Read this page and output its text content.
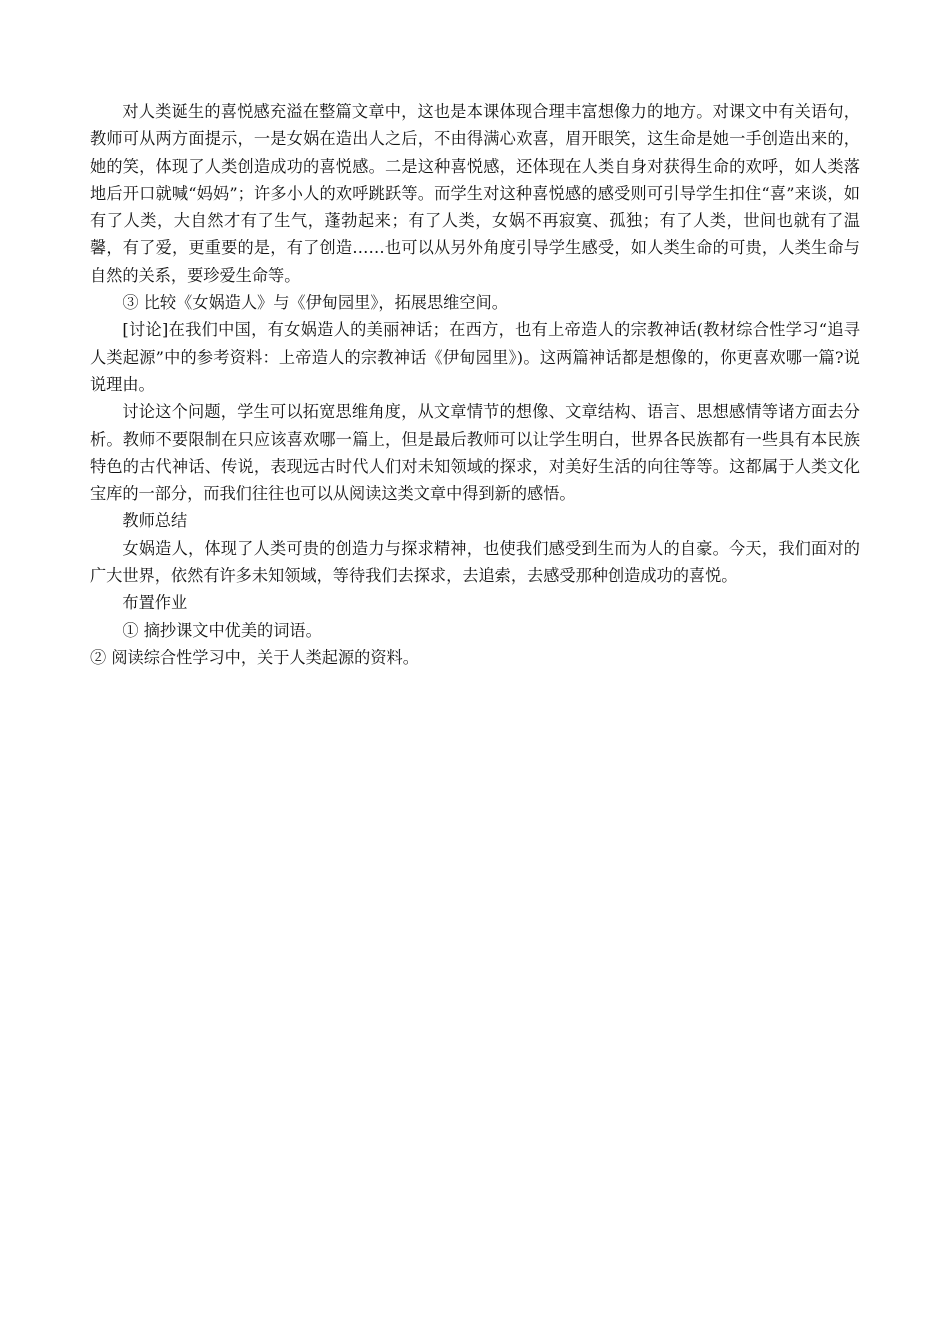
对人类诞生的喜悦感充溢在整篇文章中，这也是本课体现合理丰富想像力的地方。对课文中有关语句，教师可从两方面提示，一是女娲在造出人之后，不由得满心欢喜，眉开眼笑，这生命是她一手创造出来的，她的笑，体现了人类创造成功的喜悦感。二是这种喜悦感，还体现在人类自身对获得生命的欢呼，如人类落地后开口就喊“妈妈”；许多小人的欢呼跳跃等。而学生对这种喜悦感的感受则可引导学生扣住“喜”来谈，如有了人类，大自然才有了生气，蓬勃起来；有了人类，女娲不再寂寞、孤独；有了人类，世间也就有了温馨，有了爱，更重要的是，有了创造……也可以从另外角度引导学生感受，如人类生命的可贵，人类生命与自然的关系，要珍爱生命等。

③ 比较《女娲造人》与《伊甸园里》，拓展思维空间。

[讨论]在我们中国，有女娲造人的美丽神话；在西方，也有上帝造人的宗教神话(教材综合性学习“追寻人类起源”中的参考资料：上帝造人的宗教神话《伊甸园里》)。这两篇神话都是想像的，你更喜欢哪一篇?说说理由。

讨论这个问题，学生可以拓宽思维角度，从文章情节的想像、文章结构、语言、思想感情等诸方面去分析。教师不要限制在只应该喜欢哪一篇上，但是最后教师可以让学生明白，世界各民族都有一些具有本民族特色的古代神话、传说，表现远古时代人们对未知领域的探求，对美好生活的向往等等。这都属于人类文化宝库的一部分，而我们往往也可以从阅读这类文章中得到新的感悟。

教师总结

女娲造人，体现了人类可贵的创造力与探求精神，也使我们感受到生而为人的自豪。今天，我们面对的广大世界，依然有许多未知领域，等待我们去探求，去追索，去感受那种创造成功的喜悦。

布置作业

① 摘抄课文中优美的词语。

② 阅读综合性学习中，关于人类起源的资料。
